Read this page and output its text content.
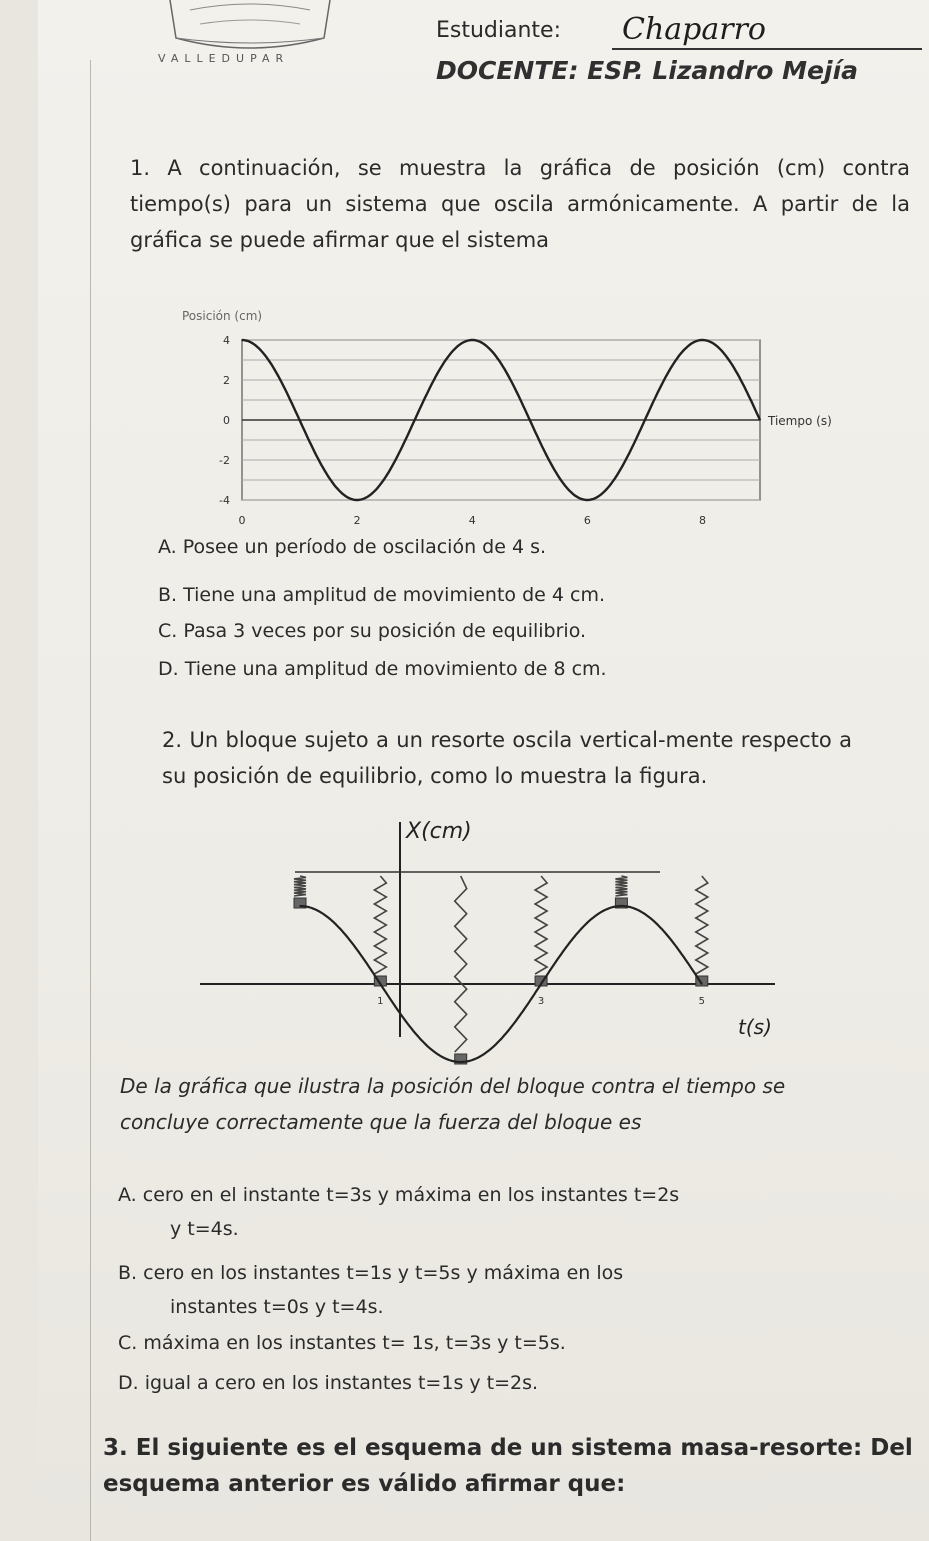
VALLEDUPAR
Estudiante:	Chaparro
DOCENTE: ESP. Lizandro Mejía
1. A continuación, se muestra la gráfica de posición (cm) contra tiempo(s) para un sistema que oscila armónicamente. A partir de la gráfica se puede afirmar que el sistema
Posición (cm)
4
2
0
-2
-4
0	2	4	6	8
Tiempo (s)
A. Posee un período de oscilación de 4 s.
B. Tiene una amplitud de movimiento de 4 cm.
C. Pasa 3 veces por su posición de equilibrio.
D. Tiene una amplitud de movimiento de 8 cm.
2. Un bloque sujeto a un resorte oscila vertical-mente respecto a su posición de equilibrio, como lo muestra la figura.
X(cm)
t(s)
1	3	5
De la gráfica que ilustra la posición del bloque contra el tiempo se concluye correctamente que la fuerza del bloque es
A. cero en el instante t=3s y máxima en los instantes t=2s
y t=4s.
B. cero en los instantes t=1s y t=5s y máxima en los
instantes t=0s y t=4s.
C. máxima en los instantes t= 1s, t=3s y t=5s.
D. igual a cero en los instantes t=1s y t=2s.
3. El siguiente es el esquema de un sistema masa-resorte: Del esquema anterior es válido afirmar que:
